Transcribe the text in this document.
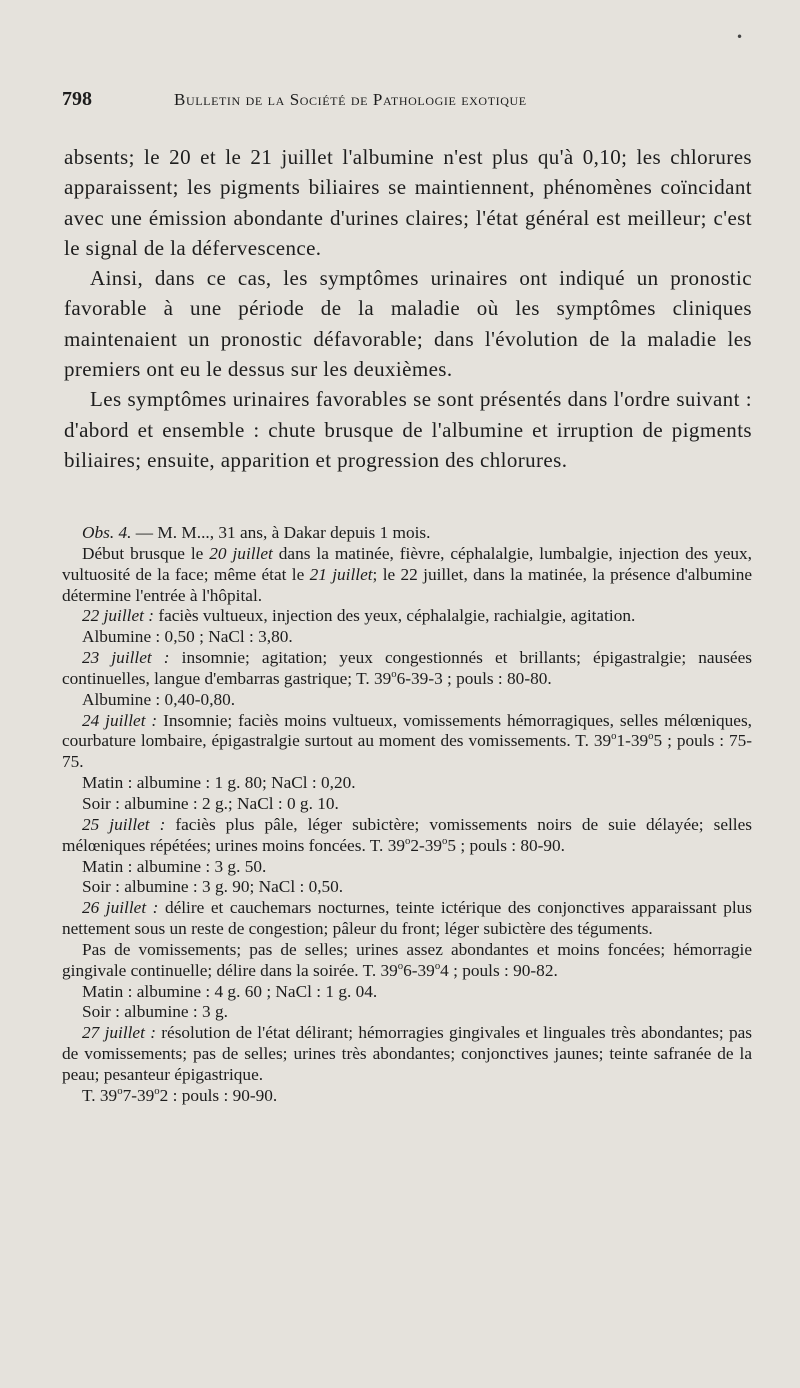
798	Bulletin de la Société de Pathologie exotique
•

absents; le 20 et le 21 juillet l'albumine n'est plus qu'à 0,10; les chlorures apparaissent; les pigments biliaires se maintiennent, phénomènes coïncidant avec une émission abondante d'urines claires; l'état général est meilleur; c'est le signal de la défervescence.

Ainsi, dans ce cas, les symptômes urinaires ont indiqué un pronostic favorable à une période de la maladie où les symptômes cliniques maintenaient un pronostic défavorable; dans l'évolution de la maladie les premiers ont eu le dessus sur les deuxièmes.

Les symptômes urinaires favorables se sont présentés dans l'ordre suivant : d'abord et ensemble : chute brusque de l'albumine et irruption de pigments biliaires; ensuite, apparition et progression des chlorures.

Obs. 4. — M. M..., 31 ans, à Dakar depuis 1 mois.

Début brusque le 20 juillet dans la matinée, fièvre, céphalalgie, lumbalgie, injection des yeux, vultuosité de la face; même état le 21 juillet; le 22 juillet, dans la matinée, la présence d'albumine détermine l'entrée à l'hôpital.

22 juillet : faciès vultueux, injection des yeux, céphalalgie, rachialgie, agitation.

Albumine : 0,50 ; NaCl : 3,80.

23 juillet : insomnie; agitation; yeux congestionnés et brillants; épigastralgie; nausées continuelles, langue d'embarras gastrique; T. 39$^o$6-39-3 ; pouls : 80-80.

Albumine : 0,40-0,80.

24 juillet : Insomnie; faciès moins vultueux, vomissements hémorragiques, selles mélœniques, courbature lombaire, épigastralgie surtout au moment des vomissements. T. 39$^o$1-39$^o$5 ; pouls : 75-75.

Matin : albumine : 1 g. 80; NaCl : 0,20.

Soir : albumine : 2 g.; NaCl : 0 g. 10.

25 juillet : faciès plus pâle, léger subictère; vomissements noirs de suie délayée; selles mélœniques répétées; urines moins foncées. T. 39$^o$2-39$^o$5 ; pouls : 80-90.

Matin : albumine : 3 g. 50.

Soir : albumine : 3 g. 90; NaCl : 0,50.

26 juillet : délire et cauchemars nocturnes, teinte ictérique des conjonctives apparaissant plus nettement sous un reste de congestion; pâleur du front; léger subictère des téguments.

Pas de vomissements; pas de selles; urines assez abondantes et moins foncées; hémorragie gingivale continuelle; délire dans la soirée. T. 39$^o$6-39$^o$4 ; pouls : 90-82.

Matin : albumine : 4 g. 60 ; NaCl : 1 g. 04.

Soir : albumine : 3 g.

27 juillet : résolution de l'état délirant; hémorragies gingivales et linguales très abondantes; pas de vomissements; pas de selles; urines très abondantes; conjonctives jaunes; teinte safranée de la peau; pesanteur épigastrique.

T. 39$^o$7-39$^o$2 : pouls : 90-90.
